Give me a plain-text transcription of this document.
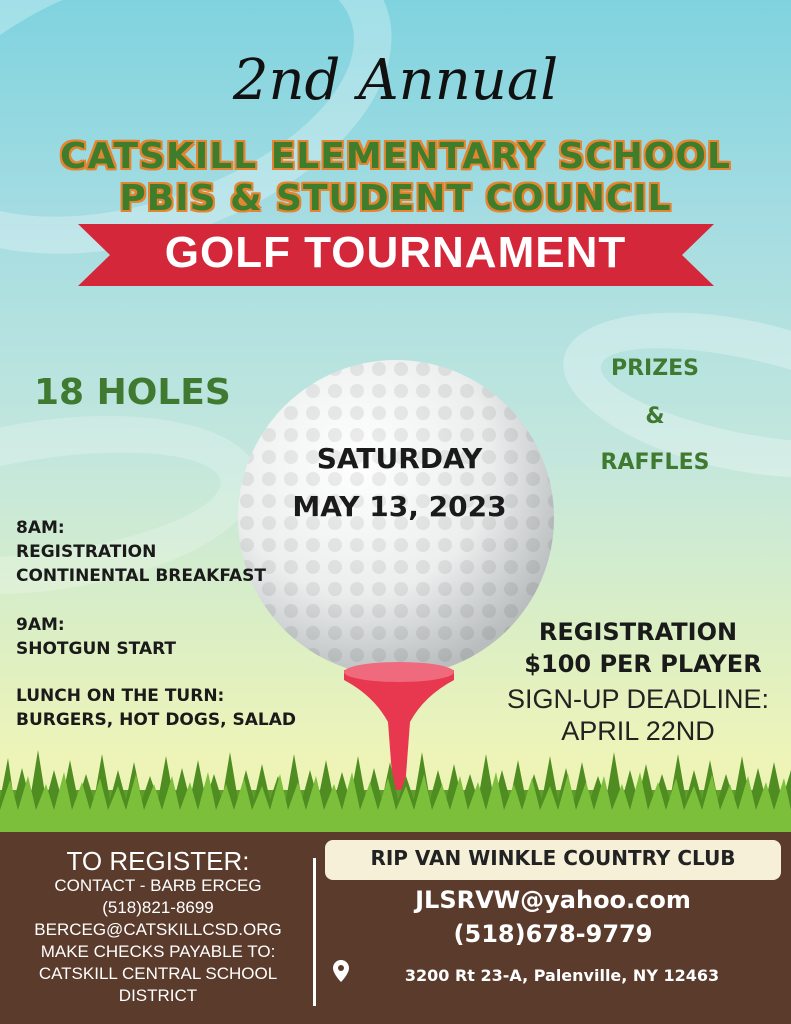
2nd Annual
CATSKILL ELEMENTARY SCHOOL
PBIS & STUDENT COUNCIL
GOLF TOURNAMENT
18 HOLES
PRIZES
&
RAFFLES
SATURDAY
MAY 13, 2023
8AM:
REGISTRATION
CONTINENTAL BREAKFAST
9AM:
SHOTGUN START
LUNCH ON THE TURN:
BURGERS, HOT DOGS, SALAD
REGISTRATION
$100 PER PLAYER
SIGN-UP DEADLINE:
APRIL 22ND
TO REGISTER:
CONTACT - BARB ERCEG
(518)821-8699
BERCEG@CATSKILLCSD.ORG
MAKE CHECKS PAYABLE TO:
CATSKILL CENTRAL SCHOOL
DISTRICT
RIP VAN WINKLE COUNTRY CLUB
JLSRVW@yahoo.com
(518)678-9779
3200 Rt 23-A, Palenville, NY 12463
